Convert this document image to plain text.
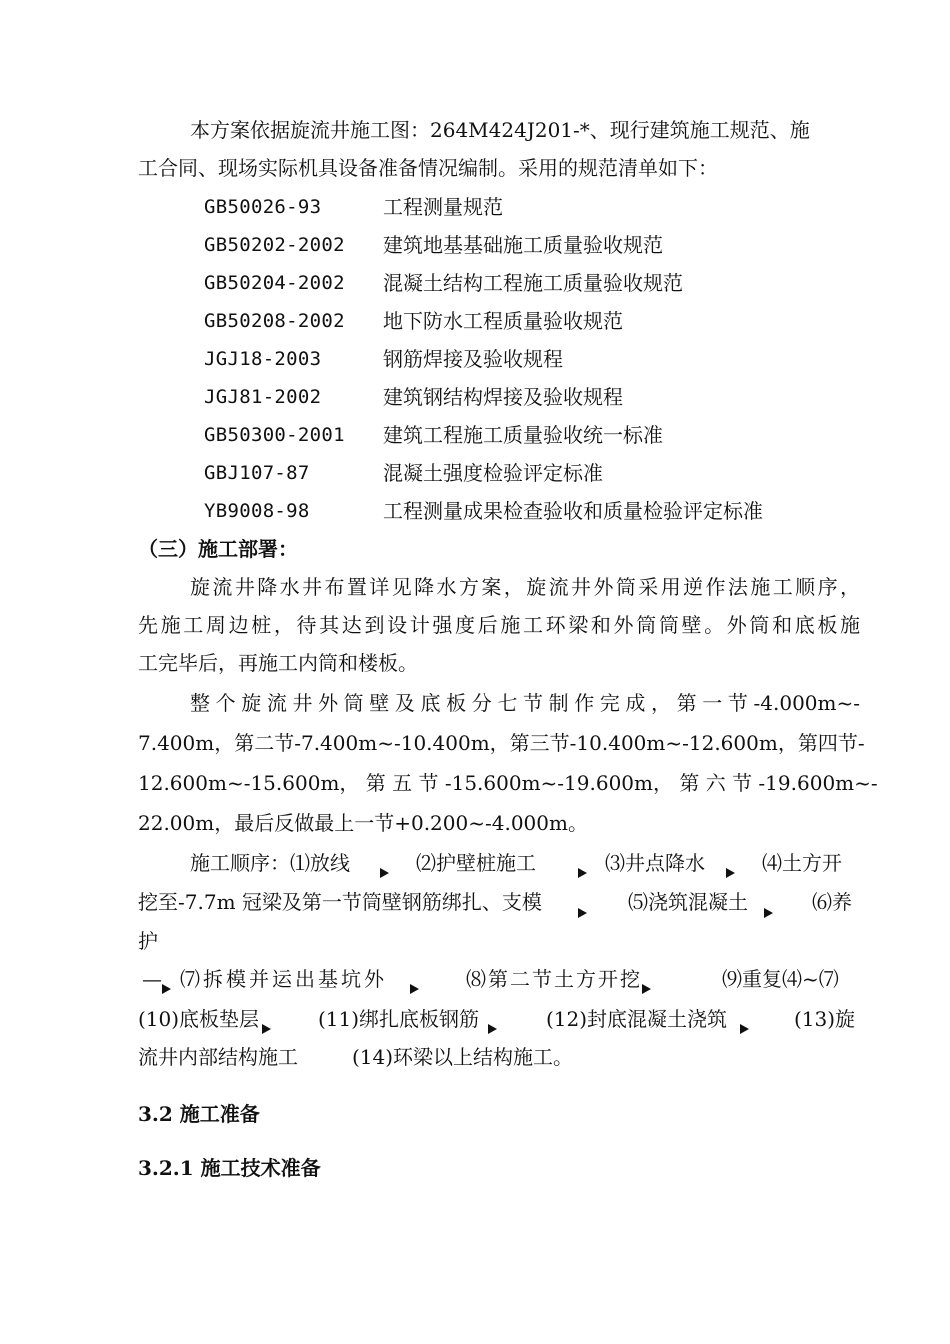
本方案依据旋流井施工图：264M424J201-*、现行建筑施工规范、施
工合同、现场实际机具设备准备情况编制。采用的规范清单如下：
GB50026-93	工程测量规范
GB50202-2002 建筑地基基础施工质量验收规范
GB50204-2002 混凝土结构工程施工质量验收规范
GB50208-2002 地下防水工程质量验收规范
JGJ18-2003	钢筋焊接及验收规程
JGJ81-2002	建筑钢结构焊接及验收规程
GB50300-2001 建筑工程施工质量验收统一标准
GBJ107-87	混凝土强度检验评定标准
YB9008-98	工程测量成果检查验收和质量检验评定标准
（三）施工部署：
旋流井降水井布置详见降水方案，旋流井外筒采用逆作法施工顺序，
先施工周边桩，待其达到设计强度后施工环梁和外筒筒壁。外筒和底板施
工完毕后，再施工内筒和楼板。
整个旋流井外筒壁及底板分七节制作完成，第一节-4.000m~-
7.400m，第二节-7.400m~-10.400m，第三节-10.400m~-12.600m，第四节-
12.600m~-15.600m， 第 五 节 -15.600m~-19.600m， 第 六 节 -19.600m~-
22.00m，最后反做最上一节+0.200~-4.000m。
施工顺序：⑴放线	⑵护壁桩施工	⑶井点降水	⑷土方开
挖至-7.7m 冠梁及第一节筒壁钢筋绑扎、支模	⑸浇筑混凝土	⑹养
护
— ⑺拆模并运出基坑外	⑻第二节土方开挖	⑼重复⑷~⑺
(10)底板垫层	(11)绑扎底板钢筋	(12)封底混凝土浇筑	(13)旋
流井内部结构施工	(14)环梁以上结构施工。
3.2 施工准备
3.2.1 施工技术准备
